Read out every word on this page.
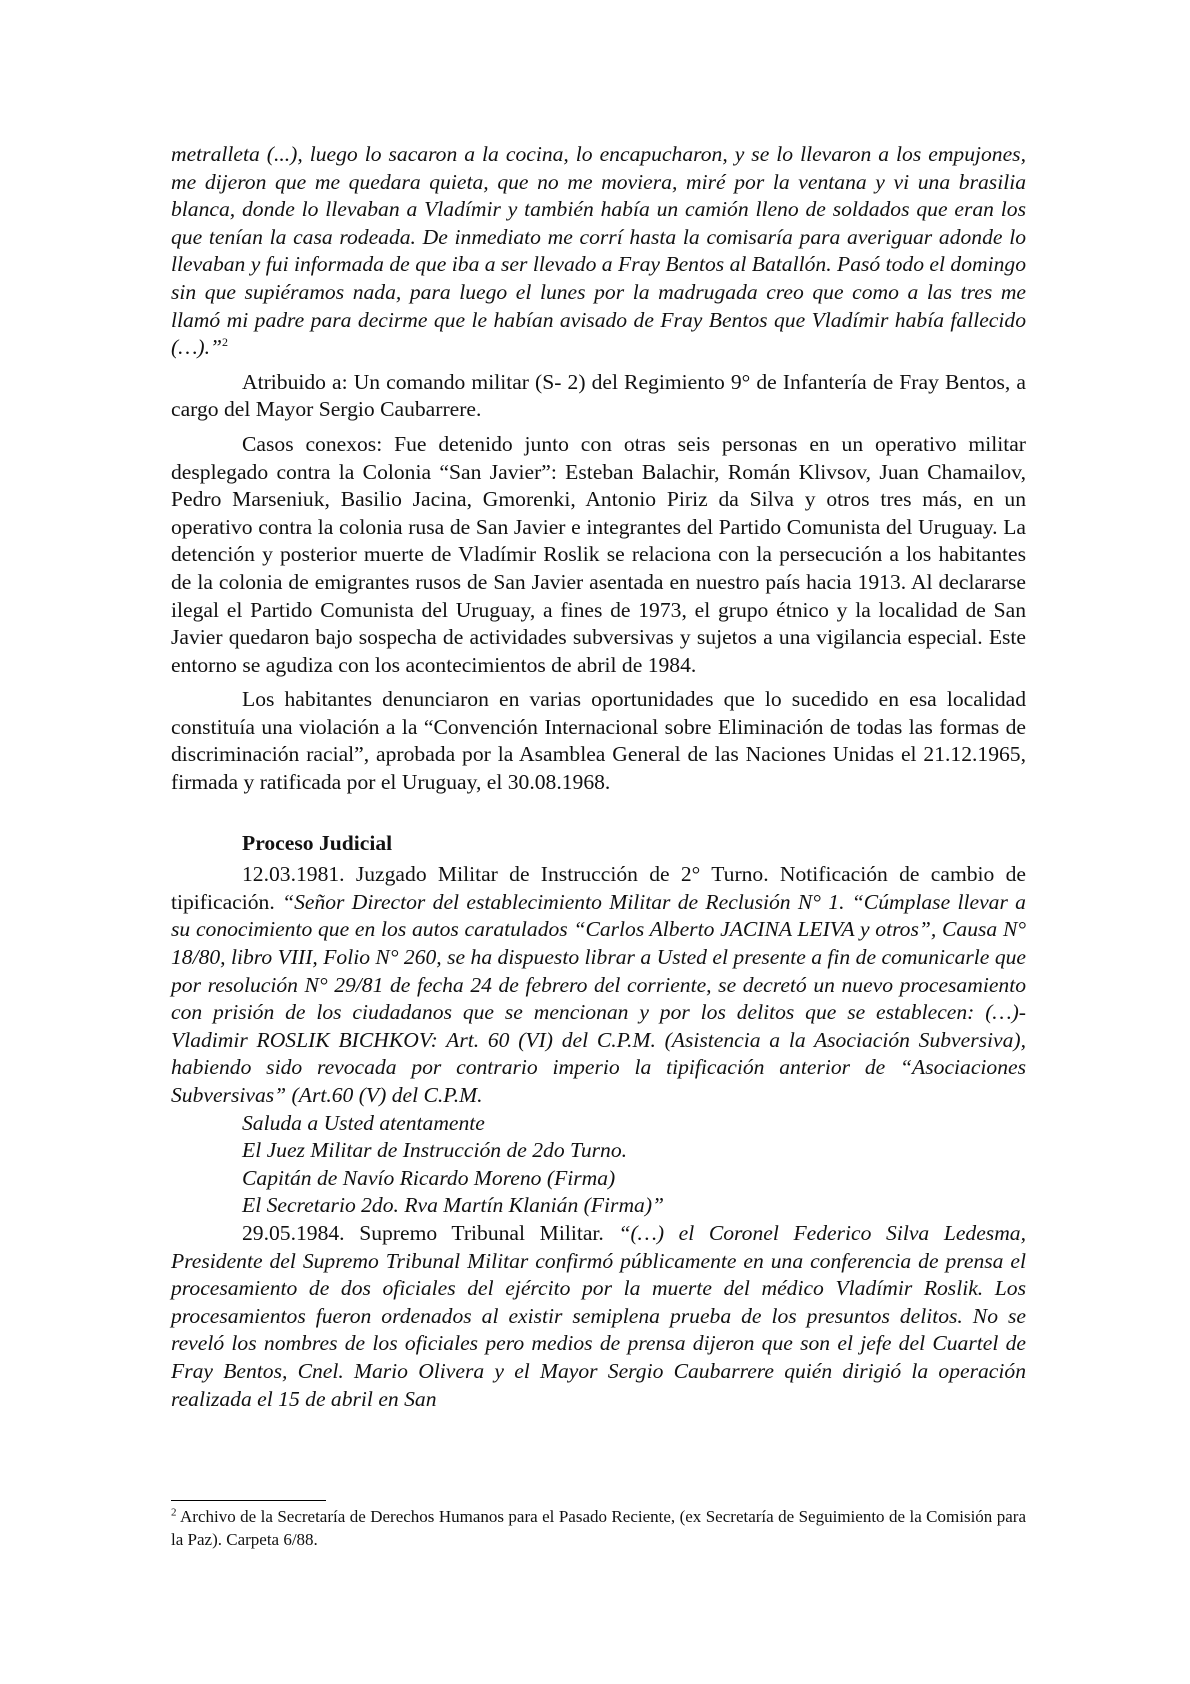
metralleta (...), luego lo sacaron a la cocina, lo encapucharon, y se lo llevaron a los empujones, me dijeron que me quedara quieta, que no me moviera, miré por la ventana y vi una brasilia blanca, donde lo llevaban a Vladímir y también había un camión lleno de soldados que eran los que tenían la casa rodeada. De inmediato me corrí hasta la comisaría para averiguar adonde lo llevaban y fui informada de que iba a ser llevado a Fray Bentos al Batallón. Pasó todo el domingo sin que supiéramos nada, para luego el lunes por la madrugada creo que como a las tres me llamó mi padre para decirme que le habían avisado de Fray Bentos que Vladímir había fallecido (…).”$^2$

Atribuido a: Un comando militar (S- 2) del Regimiento 9° de Infantería de Fray Bentos, a cargo del Mayor Sergio Caubarrere.

Casos conexos: Fue detenido junto con otras seis personas en un operativo militar desplegado contra la Colonia “San Javier”: Esteban Balachir, Román Klivsov, Juan Chamailov, Pedro Marseniuk, Basilio Jacina, Gmorenki, Antonio Piriz da Silva y otros tres más, en un operativo contra la colonia rusa de San Javier e integrantes del Partido Comunista del Uruguay. La detención y posterior muerte de Vladímir Roslik se relaciona con la persecución a los habitantes de la colonia de emigrantes rusos de San Javier asentada en nuestro país hacia 1913. Al declararse ilegal el Partido Comunista del Uruguay, a fines de 1973, el grupo étnico y la localidad de San Javier quedaron bajo sospecha de actividades subversivas y sujetos a una vigilancia especial. Este entorno se agudiza con los acontecimientos de abril de 1984.

Los habitantes denunciaron en varias oportunidades que lo sucedido en esa localidad constituía una violación a la “Convención Internacional sobre Eliminación de todas las formas de discriminación racial”, aprobada por la Asamblea General de las Naciones Unidas el 21.12.1965, firmada y ratificada por el Uruguay, el 30.08.1968.

Proceso Judicial

12.03.1981. Juzgado Militar de Instrucción de 2° Turno. Notificación de cambio de tipificación. “Señor Director del establecimiento Militar de Reclusión N° 1. “Cúmplase llevar a su conocimiento que en los autos caratulados “Carlos Alberto JACINA LEIVA y otros”, Causa N° 18/80, libro VIII, Folio N° 260, se ha dispuesto librar a Usted el presente a fin de comunicarle que por resolución N° 29/81 de fecha 24 de febrero del corriente, se decretó un nuevo procesamiento con prisión de los ciudadanos que se mencionan y por los delitos que se establecen: (…)- Vladimir ROSLIK BICHKOV: Art. 60 (VI) del C.P.M. (Asistencia a la Asociación Subversiva), habiendo sido revocada por contrario imperio la tipificación anterior de “Asociaciones Subversivas” (Art.60 (V) del C.P.M.

Saluda a Usted atentamente

El Juez Militar de Instrucción de 2do Turno.

Capitán de Navío Ricardo Moreno (Firma)

El Secretario 2do. Rva Martín Klanián (Firma)”

29.05.1984. Supremo Tribunal Militar. “(…) el Coronel Federico Silva Ledesma, Presidente del Supremo Tribunal Militar confirmó públicamente en una conferencia de prensa el procesamiento de dos oficiales del ejército por la muerte del médico Vladímir Roslik. Los procesamientos fueron ordenados al existir semiplena prueba de los presuntos delitos. No se reveló los nombres de los oficiales pero medios de prensa dijeron que son el jefe del Cuartel de Fray Bentos, Cnel. Mario Olivera y el Mayor Sergio Caubarrere quién dirigió la operación realizada el 15 de abril en San

$^2$ Archivo de la Secretaría de Derechos Humanos para el Pasado Reciente, (ex Secretaría de Seguimiento de la Comisión para la Paz). Carpeta 6/88.
